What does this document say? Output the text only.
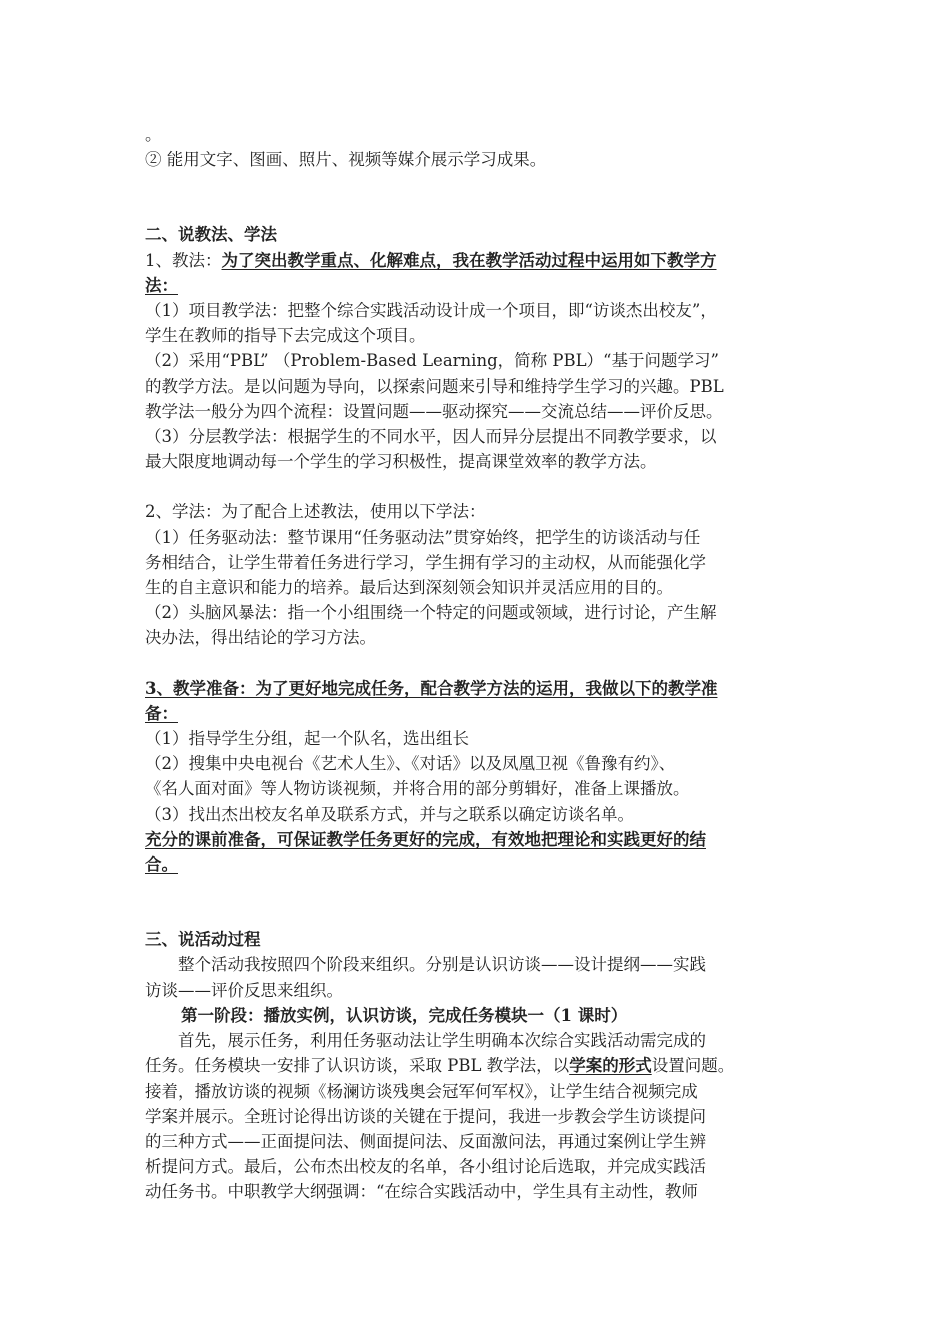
。

② 能用文字、图画、照片、视频等媒介展示学习成果。

二、说教法、学法

1、教法：为了突出教学重点、化解难点，我在教学活动过程中运用如下教学方

法：

（1）项目教学法：把整个综合实践活动设计成一个项目，即“访谈杰出校友”，

学生在教师的指导下去完成这个项目。

（2）采用“PBL” （Problem-Based Learning，简称 PBL）“基于问题学习”

的教学方法。是以问题为导向，以探索问题来引导和维持学生学习的兴趣。PBL

教学法一般分为四个流程：设置问题——驱动探究——交流总结——评价反思。

（3）分层教学法：根据学生的不同水平，因人而异分层提出不同教学要求，以

最大限度地调动每一个学生的学习积极性，提高课堂效率的教学方法。

2、学法：为了配合上述教法，使用以下学法：

（1）任务驱动法：整节课用“任务驱动法”贯穿始终，把学生的访谈活动与任

务相结合，让学生带着任务进行学习，学生拥有学习的主动权，从而能强化学

生的自主意识和能力的培养。最后达到深刻领会知识并灵活应用的目的。

（2）头脑风暴法：指一个小组围绕一个特定的问题或领域，进行讨论，产生解

决办法，得出结论的学习方法。

3、教学准备：为了更好地完成任务，配合教学方法的运用，我做以下的教学准

备：

（1）指导学生分组，起一个队名，选出组长

（2）搜集中央电视台《艺术人生》、《对话》以及凤凰卫视《鲁豫有约》、

《名人面对面》等人物访谈视频，并将合用的部分剪辑好，准备上课播放。

（3）找出杰出校友名单及联系方式，并与之联系以确定访谈名单。

充分的课前准备，可保证教学任务更好的完成，有效地把理论和实践更好的结

合。

三、说活动过程

整个活动我按照四个阶段来组织。分别是认识访谈——设计提纲——实践

访谈——评价反思来组织。

第一阶段：播放实例，认识访谈，完成任务模块一（1 课时）

首先，展示任务，利用任务驱动法让学生明确本次综合实践活动需完成的

任务。任务模块一安排了认识访谈，采取 PBL 教学法，以学案的形式设置问题。

接着，播放访谈的视频《杨澜访谈残奥会冠军何军权》，让学生结合视频完成

学案并展示。全班讨论得出访谈的关键在于提问，我进一步教会学生访谈提问

的三种方式——正面提问法、侧面提问法、反面激问法，再通过案例让学生辨

析提问方式。最后，公布杰出校友的名单，各小组讨论后选取，并完成实践活

动任务书。中职教学大纲强调：“在综合实践活动中，学生具有主动性，教师
